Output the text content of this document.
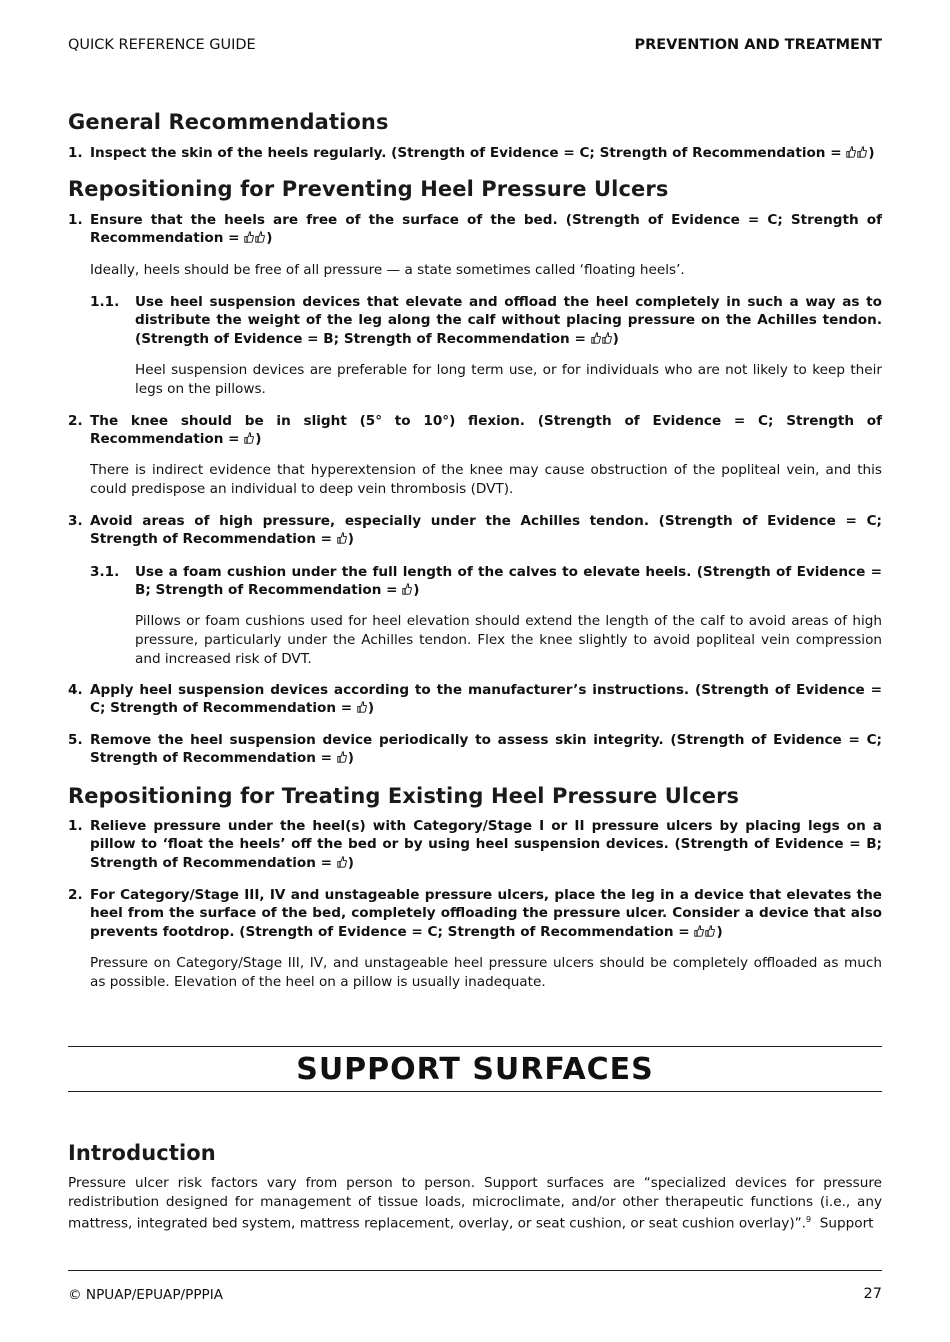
QUICK REFERENCE GUIDE	PREVENTION AND TREATMENT
General Recommendations
1. Inspect the skin of the heels regularly. (Strength of Evidence = C; Strength of Recommendation =
)
Repositioning for Preventing Heel Pressure Ulcers
1. Ensure that the heels are free of the surface of the bed. (Strength of Evidence = C; Strength of Recommendation =
)
Ideally, heels should be free of all pressure — a state sometimes called ‘floating heels’.
1.1.	Use heel suspension devices that elevate and offload the heel completely in such a way as to distribute the weight of the leg along the calf without placing pressure on the Achilles tendon. (Strength of Evidence = B; Strength of Recommendation =
)
Heel suspension devices are preferable for long term use, or for individuals who are not likely to keep their legs on the pillows.
2. The knee should be in slight (5° to 10°) flexion. (Strength of Evidence = C; Strength of Recommendation =
)
There is indirect evidence that hyperextension of the knee may cause obstruction of the popliteal vein, and this could predispose an individual to deep vein thrombosis (DVT).
3. Avoid areas of high pressure, especially under the Achilles tendon. (Strength of Evidence = C; Strength of Recommendation =
)
3.1.	Use a foam cushion under the full length of the calves to elevate heels. (Strength of Evidence = B; Strength of Recommendation =
)
Pillows or foam cushions used for heel elevation should extend the length of the calf to avoid areas of high pressure, particularly under the Achilles tendon. Flex the knee slightly to avoid popliteal vein compression and increased risk of DVT.
4. Apply heel suspension devices according to the manufacturer’s instructions. (Strength of Evidence = C; Strength of Recommendation =
)
5. Remove the heel suspension device periodically to assess skin integrity. (Strength of Evidence = C; Strength of Recommendation =
)
Repositioning for Treating Existing Heel Pressure Ulcers
1. Relieve pressure under the heel(s) with Category/Stage I or II pressure ulcers by placing legs on a pillow to ‘float the heels’ off the bed or by using heel suspension devices. (Strength of Evidence = B; Strength of Recommendation =
)
2. For Category/Stage III, IV and unstageable pressure ulcers, place the leg in a device that elevates the heel from the surface of the bed, completely offloading the pressure ulcer. Consider a device that also prevents footdrop. (Strength of Evidence = C; Strength of Recommendation =
)
Pressure on Category/Stage III, IV, and unstageable heel pressure ulcers should be completely offloaded as much as possible. Elevation of the heel on a pillow is usually inadequate.
SUPPORT SURFACES
Introduction
Pressure ulcer risk factors vary from person to person. Support surfaces are “specialized devices for pressure redistribution designed for management of tissue loads, microclimate, and/or other therapeutic functions (i.e., any mattress, integrated bed system, mattress replacement, overlay, or seat cushion, or seat cushion overlay)”.$^9$ Support
© NPUAP/EPUAP/PPPIA	27
